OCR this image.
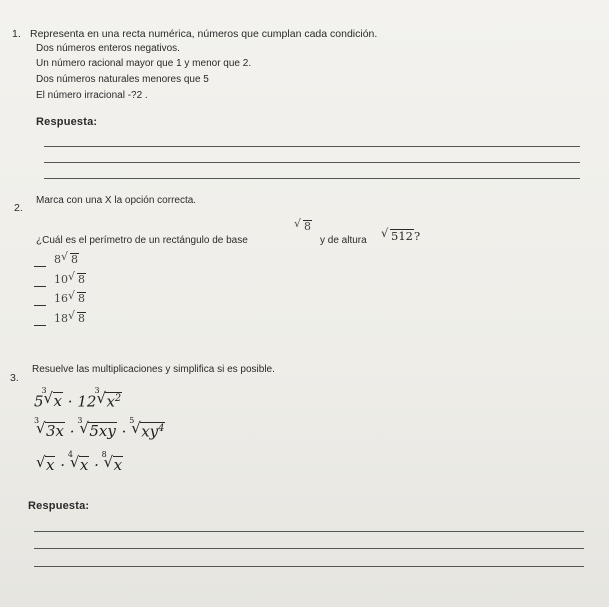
1. Representa en una recta numérica, números que cumplan cada condición.
Dos números enteros negativos.
Un número racional mayor que 1 y menor que 2.
Dos números naturales menores que 5
El número irracional -?2 .
Respuesta:
Marca con una X la opción correcta.
2.
¿Cuál es el perímetro de un rectángulo de base
√ 8
y de altura	√ 512?
8 √ 8
10 √ 8
16 √ 8
18 √ 8
Resuelve las multiplicaciones y simplifica si es posible.
3.
5
√ 3
x · 12
√ 3
$x^2$
√ 3
3x ·
√ 3
5xy ·
√ 5
$xy^4$
√ x ·
√ 4
x ·
√ 8
x
Respuesta:
